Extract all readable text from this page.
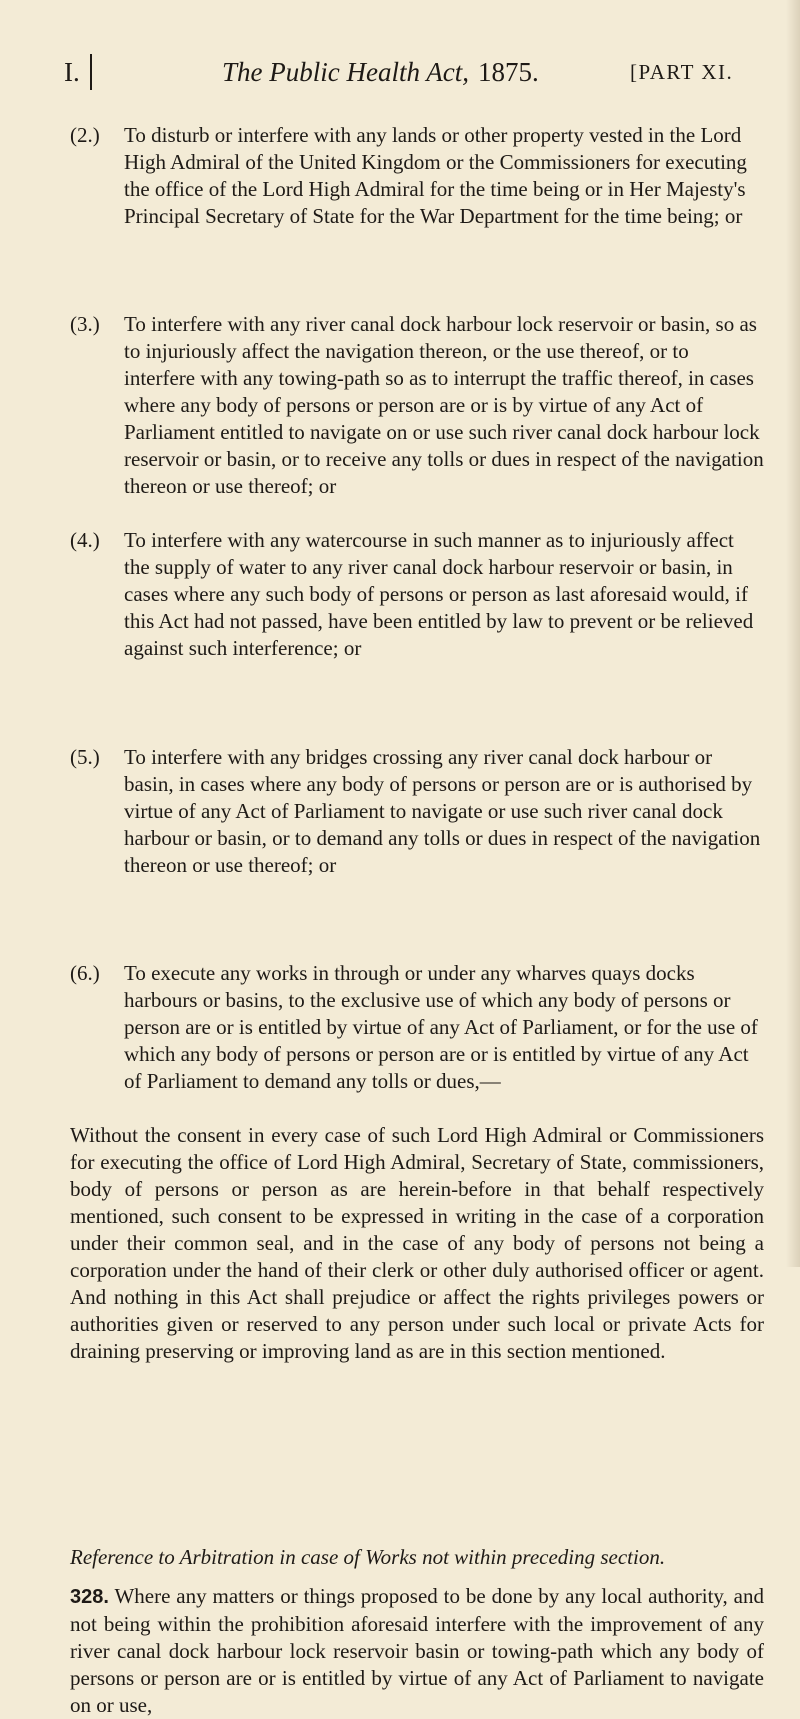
I.	The Public Health Act, 1875.	[PART XI.
(2.) To disturb or interfere with any lands or other property vested in the Lord High Admiral of the United Kingdom or the Commissioners for executing the office of the Lord High Admiral for the time being or in Her Majesty's Principal Secretary of State for the War Department for the time being; or
(3.) To interfere with any river canal dock harbour lock reservoir or basin, so as to injuriously affect the navigation thereon, or the use thereof, or to interfere with any towing-path so as to interrupt the traffic thereof, in cases where any body of persons or person are or is by virtue of any Act of Parliament entitled to navigate on or use such river canal dock harbour lock reservoir or basin, or to receive any tolls or dues in respect of the navigation thereon or use thereof; or
(4.) To interfere with any watercourse in such manner as to injuriously affect the supply of water to any river canal dock harbour reservoir or basin, in cases where any such body of persons or person as last aforesaid would, if this Act had not passed, have been entitled by law to prevent or be relieved against such interference; or
(5.) To interfere with any bridges crossing any river canal dock harbour or basin, in cases where any body of persons or person are or is authorised by virtue of any Act of Parliament to navigate or use such river canal dock harbour or basin, or to demand any tolls or dues in respect of the navigation thereon or use thereof; or
(6.) To execute any works in through or under any wharves quays docks harbours or basins, to the exclusive use of which any body of persons or person are or is entitled by virtue of any Act of Parliament, or for the use of which any body of persons or person are or is entitled by virtue of any Act of Parliament to demand any tolls or dues,—
Without the consent in every case of such Lord High Admiral or Commissioners for executing the office of Lord High Admiral, Secretary of State, commissioners, body of persons or person as are herein-before in that behalf respectively mentioned, such consent to be expressed in writing in the case of a corporation under their common seal, and in the case of any body of persons not being a corporation under the hand of their clerk or other duly authorised officer or agent. And nothing in this Act shall prejudice or affect the rights privileges powers or authorities given or reserved to any person under such local or private Acts for draining preserving or improving land as are in this section mentioned.
Reference to Arbitration in case of Works not within preceding section.
328. Where any matters or things proposed to be done by any local authority, and not being within the prohibition aforesaid interfere with the improvement of any river canal dock harbour lock reservoir basin or towing-path which any body of persons or person are or is entitled by virtue of any Act of Parliament to navigate on or use,
